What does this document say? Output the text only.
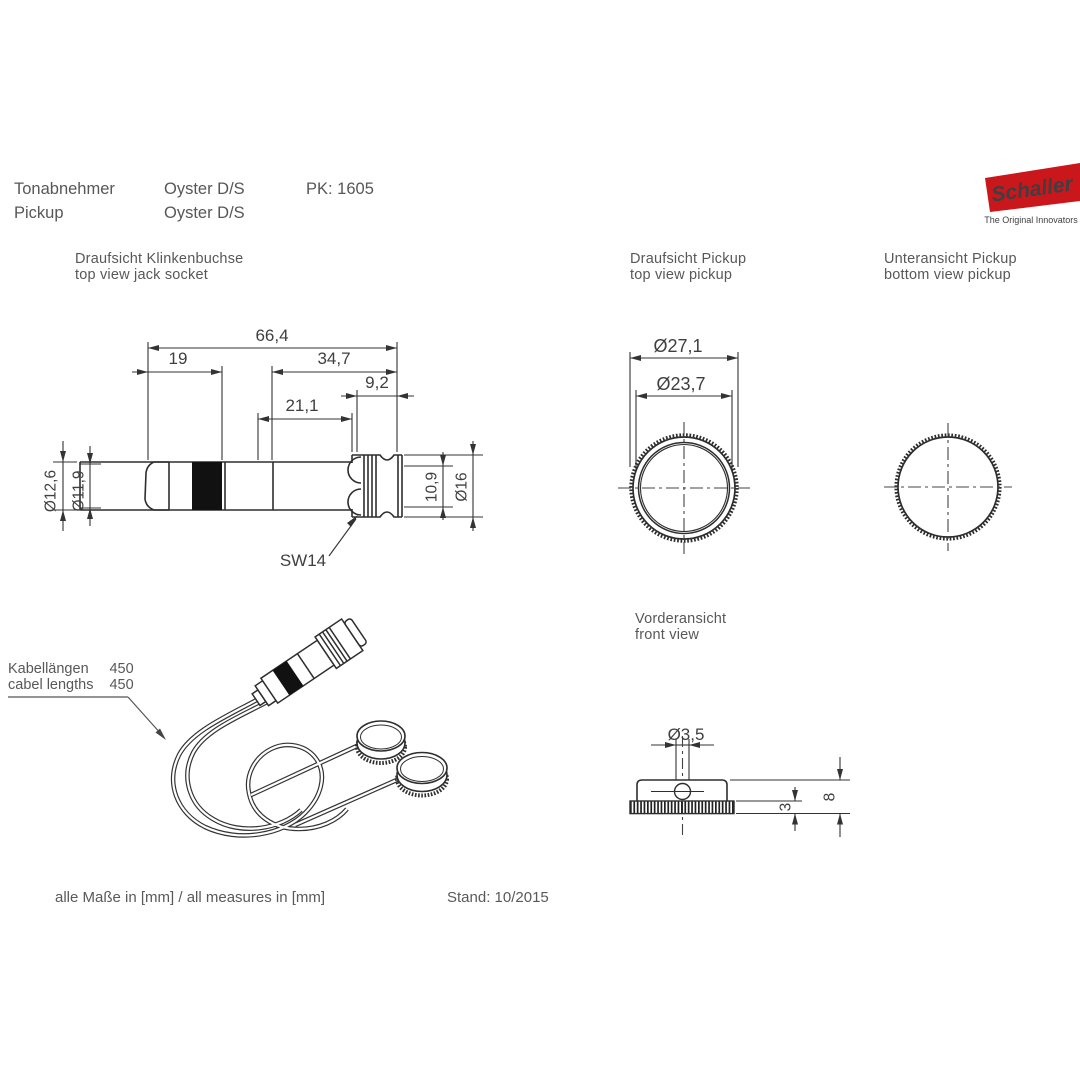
Tonabnehmer	Oyster D/S	PK: 1605
Pickup	Oyster D/S
Schaller
The Original Innovators
Draufsicht Klinkenbuchse
top view jack socket
Draufsicht Pickup
top view pickup
Unteransicht Pickup
bottom view pickup
Vorderansicht
front view
66,4
19	34,7
9,2
21,1
Ø12,6 Ø11,9	10,9 Ø16
SW14
Ø27,1
Ø23,7
Ø3,5
3
8
Kabellängen	450
cabel lengths 450
alle Maße in [mm] / all measures in [mm]	Stand: 10/2015
